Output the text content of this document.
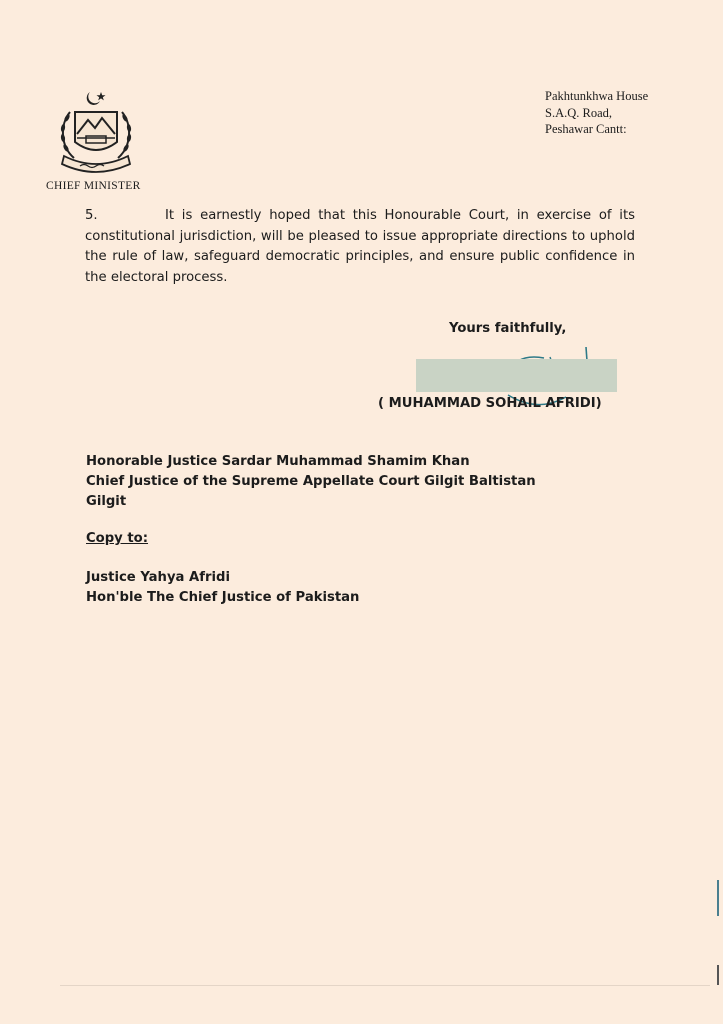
CHIEF MINISTER
Pakhtunkhwa House
S.A.Q. Road,
Peshawar Cantt:
5.	It is earnestly hoped that this Honourable Court, in exercise of its constitutional jurisdiction, will be pleased to issue appropriate directions to uphold the rule of law, safeguard democratic principles, and ensure public confidence in the electoral process.
Yours faithfully,
( MUHAMMAD SOHAIL AFRIDI)
Honorable Justice Sardar Muhammad Shamim Khan
Chief Justice of the Supreme Appellate Court Gilgit Baltistan
Gilgit
Copy to:
Justice Yahya Afridi
Hon'ble The Chief Justice of Pakistan
